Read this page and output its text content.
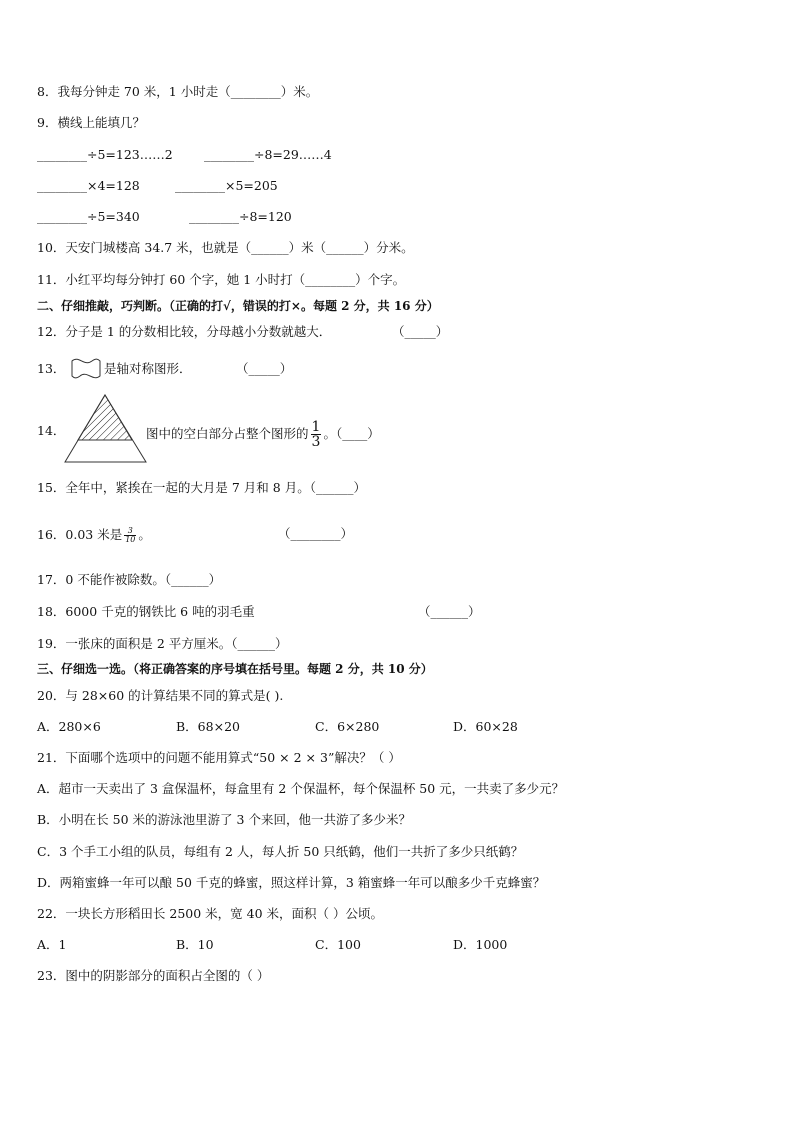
8．我每分钟走 70 米，1 小时走（________）米。
9．横线上能填几？
________÷5=123……2	________÷8=29……4
________×4=128	________×5=205
________÷5=340	________÷8=120
10．天安门城楼高 34.7 米，也就是（______）米（______）分米。
11．小红平均每分钟打 60 个字，她 1 小时打（________）个字。
二、仔细推敲，巧判断。（正确的打√，错误的打×。每题 2 分，共 16 分）
12．分子是 1 的分数相比较，分母越小分数就越大．	（_____）
13．	是轴对称图形．	（_____）
14．	图中的空白部分占整个图形的 $\frac{1}{3}$ 。（____）
15．全年中，紧挨在一起的大月是 7 月和 8 月。（______）
16．0.03 米是 $\frac{3}{10}$ 。	（________）
17．0 不能作被除数。（______）
18．6000 千克的钢铁比 6 吨的羽毛重	（______）
19．一张床的面积是 2 平方厘米。（______）
三、仔细选一选。（将正确答案的序号填在括号里。每题 2 分，共 10 分）
20．与 28×60 的计算结果不同的算式是( ).
A．280×6	B．68×20	C．6×280	D．60×28
21．下面哪个选项中的问题不能用算式“50 × 2 × 3”解决？（ ）
A．超市一天卖出了 3 盒保温杯，每盒里有 2 个保温杯，每个保温杯 50 元，一共卖了多少元？
B．小明在长 50 米的游泳池里游了 3 个来回，他一共游了多少米？
C．3 个手工小组的队员，每组有 2 人，每人折 50 只纸鹤，他们一共折了多少只纸鹤？
D．两箱蜜蜂一年可以酿 50 千克的蜂蜜，照这样计算，3 箱蜜蜂一年可以酿多少千克蜂蜜？
22．一块长方形稻田长 2500 米，宽 40 米，面积（ ）公顷。
A．1	B．10	C．100	D．1000
23．图中的阴影部分的面积占全图的（ ）
